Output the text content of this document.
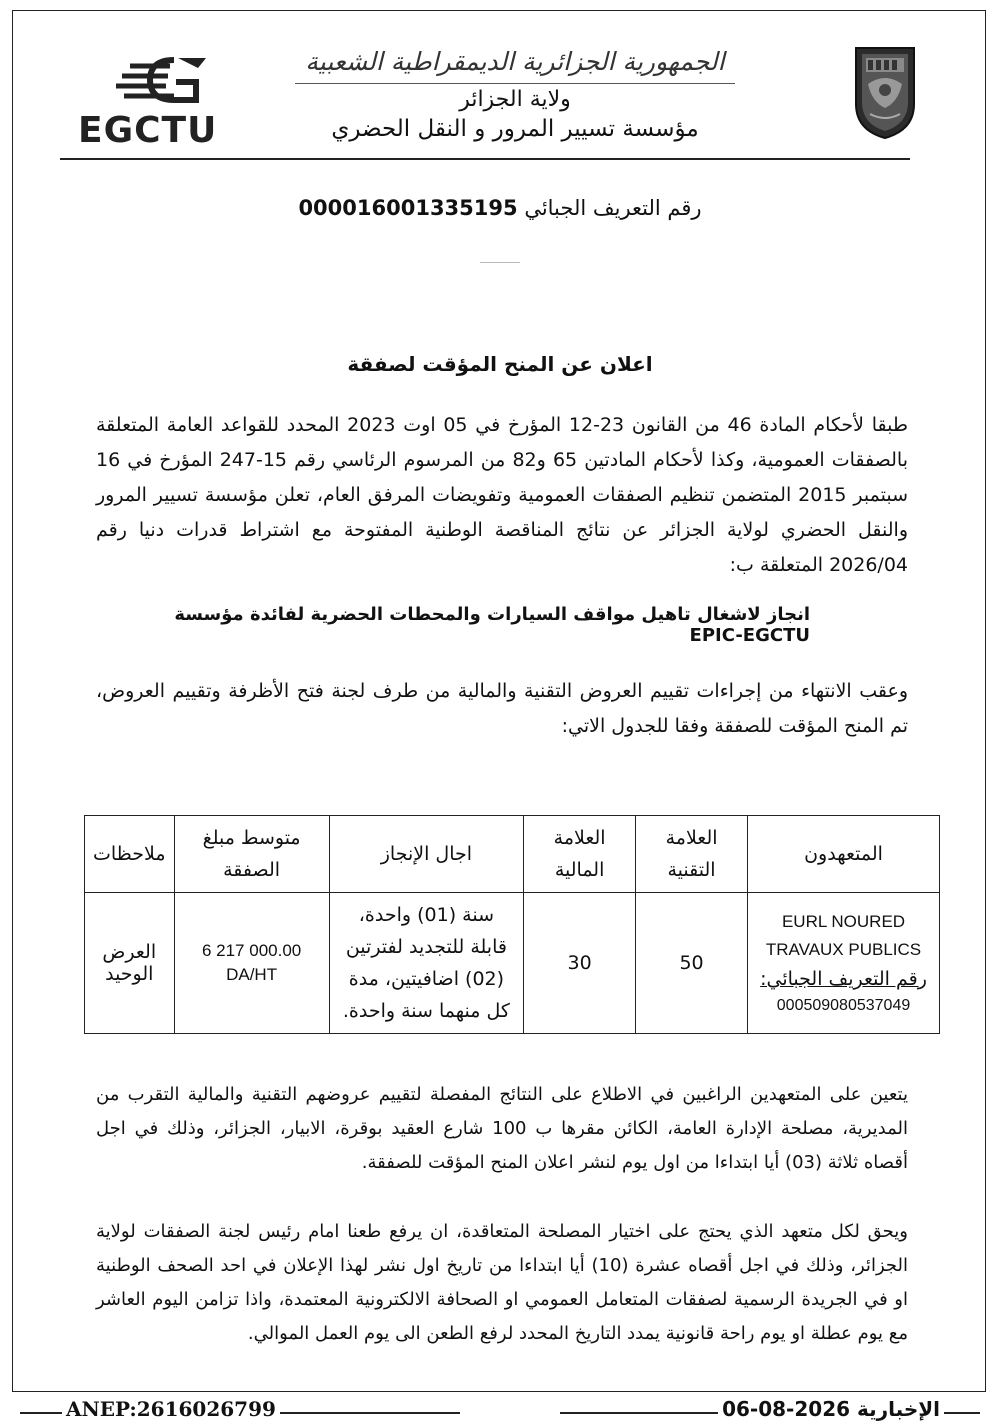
EGCTU

الجمهورية الجزائرية الديمقراطية الشعبية

ولاية الجزائر

مؤسسة تسيير المرور و النقل الحضري

رقم التعريف الجبائي 000016001335195
اعلان عن المنح المؤقت لصفقة

طبقا لأحكام المادة 46 من القانون 23-12 المؤرخ في 05 اوت 2023 المحدد للقواعد العامة المتعلقة بالصفقات العمومية، وكذا لأحكام المادتين 65 و82 من المرسوم الرئاسي رقم 15-247 المؤرخ في 16 سبتمبر 2015 المتضمن تنظيم الصفقات العمومية وتفويضات المرفق العام، تعلن مؤسسة تسيير المرور والنقل الحضري لولاية الجزائر عن نتائج المناقصة الوطنية المفتوحة مع اشتراط قدرات دنيا رقم 2026/04 المتعلقة ب:

انجاز لاشغال تاهيل مواقف السيارات والمحطات الحضرية لفائدة مؤسسة EPIC-EGCTU

وعقب الانتهاء من إجراءات تقييم العروض التقنية والمالية من طرف لجنة فتح الأظرفة وتقييم العروض، تم المنح المؤقت للصفقة وفقا للجدول الاتي:

المتعهدون	العلامة التقنية	العلامة المالية	اجال الإنجاز	متوسط مبلغ الصفقة	ملاحظات

EURL NOURED TRAVAUX PUBLICS
رقم التعريف الجبائي:
000509080537049	50	30	سنة (01) واحدة، قابلة للتجديد لفترتين (02) اضافيتين، مدة كل منهما سنة واحدة.	6 217 000.00 DA/HT	العرض الوحيد

يتعين على المتعهدين الراغبين في الاطلاع على النتائج المفصلة لتقييم عروضهم التقنية والمالية التقرب من المديرية، مصلحة الإدارة العامة، الكائن مقرها ب 100 شارع العقيد بوقرة، الابيار، الجزائر، وذلك في اجل أقصاه ثلاثة (03) أيا ابتداءا من اول يوم لنشر اعلان المنح المؤقت للصفقة.

ويحق لكل متعهد الذي يحتج على اختيار المصلحة المتعاقدة، ان يرفع طعنا امام رئيس لجنة الصفقات لولاية الجزائر، وذلك في اجل أقصاه عشرة (10) أيا ابتداءا من تاريخ اول نشر لهذا الإعلان في احد الصحف الوطنية او في الجريدة الرسمية لصفقات المتعامل العمومي او الصحافة الالكترونية المعتمدة، واذا تزامن اليوم العاشر مع يوم عطلة او يوم راحة قانونية يمدد التاريخ المحدد لرفع الطعن الى يوم العمل الموالي.

ANEP:2616026799	الإخبارية 06-08-2026
